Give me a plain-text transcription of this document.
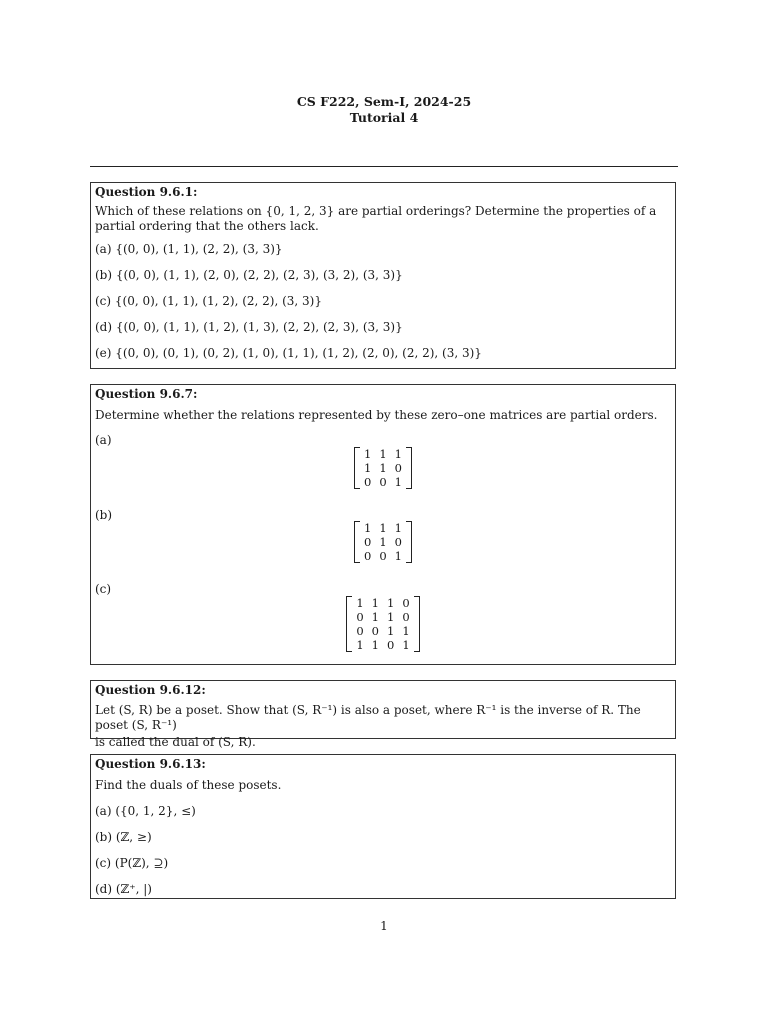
CS F222, Sem-I, 2024-25
Tutorial 4
Question 9.6.1:
Which of these relations on {0, 1, 2, 3} are partial orderings? Determine the properties of a partial ordering that the others lack.
(a) {(0, 0), (1, 1), (2, 2), (3, 3)}
(b) {(0, 0), (1, 1), (2, 0), (2, 2), (2, 3), (3, 2), (3, 3)}
(c) {(0, 0), (1, 1), (1, 2), (2, 2), (3, 3)}
(d) {(0, 0), (1, 1), (1, 2), (1, 3), (2, 2), (2, 3), (3, 3)}
(e) {(0, 0), (0, 1), (0, 2), (1, 0), (1, 1), (1, 2), (2, 0), (2, 2), (3, 3)}
Question 9.6.7:
Determine whether the relations represented by these zero–one matrices are partial orders.
(a)
1	1	1
1	1	0
0	0	1
(b)
1	1	1
0	1	0
0	0	1
(c)
1	1	1	0
0	1	1	0
0	0	1	1
1	1	0	1
Question 9.6.12:
Let (S, R) be a poset. Show that (S, R⁻¹) is also a poset, where R⁻¹ is the inverse of R. The poset (S, R⁻¹)
is called the dual of (S, R).
Question 9.6.13:
Find the duals of these posets.
(a) ({0, 1, 2}, ≤)
(b) (ℤ, ≥)
(c) (P(ℤ), ⊇)
(d) (ℤ⁺, |)
1
